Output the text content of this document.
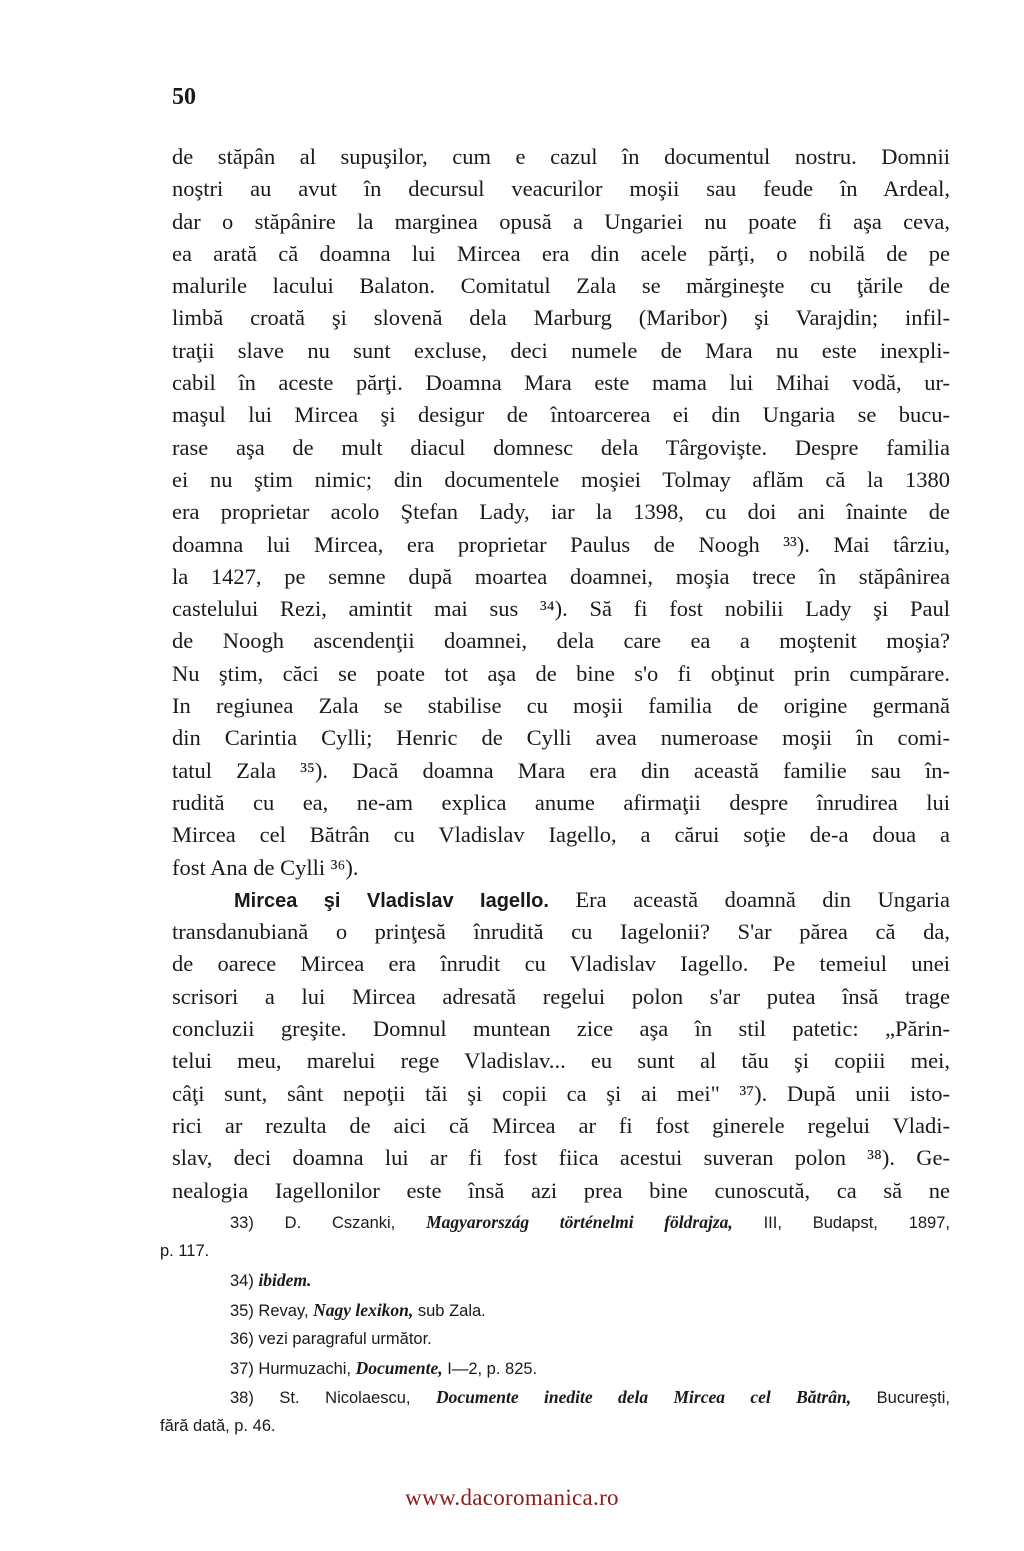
50
de stăpân al supuşilor, cum e cazul în documentul nostru. Domnii
noştri au avut în decursul veacurilor moşii sau feude în Ardeal,
dar o stăpânire la marginea opusă a Ungariei nu poate fi aşa ceva,
ea arată că doamna lui Mircea era din acele părţi, o nobilă de pe
malurile lacului Balaton. Comitatul Zala se mărgineşte cu ţările de
limbă croată şi slovenă dela Marburg (Maribor) şi Varajdin; infil-
traţii slave nu sunt excluse, deci numele de Mara nu este inexpli-
cabil în aceste părţi. Doamna Mara este mama lui Mihai vodă, ur-
maşul lui Mircea şi desigur de întoarcerea ei din Ungaria se bucu-
rase aşa de mult diacul domnesc dela Târgovişte. Despre familia
ei nu ştim nimic; din documentele moşiei Tolmay aflăm că la 1380
era proprietar acolo Ştefan Lady, iar la 1398, cu doi ani înainte de
doamna lui Mircea, era proprietar Paulus de Noogh ³³). Mai târziu,
la 1427, pe semne după moartea doamnei, moşia trece în stăpânirea
castelului Rezi, amintit mai sus ³⁴). Să fi fost nobilii Lady şi Paul
de Noogh ascendenţii doamnei, dela care ea a moştenit moşia?
Nu ştim, căci se poate tot aşa de bine s'o fi obţinut prin cumpărare.
In regiunea Zala se stabilise cu moşii familia de origine germană
din Carintia Cylli; Henric de Cylli avea numeroase moşii în comi-
tatul Zala ³⁵). Dacă doamna Mara era din această familie sau în-
rudită cu ea, ne-am explica anume afirmaţii despre înrudirea lui
Mircea cel Bătrân cu Vladislav Iagello, a cărui soţie de-a doua a
fost Ana de Cylli ³⁶).
Mircea şi Vladislav Iagello. Era această doamnă din Ungaria
transdanubiană o prinţesă înrudită cu Iagelonii? S'ar părea că da,
de oarece Mircea era înrudit cu Vladislav Iagello. Pe temeiul unei
scrisori a lui Mircea adresată regelui polon s'ar putea însă trage
concluzii greşite. Domnul muntean zice aşa în stil patetic: „Părin-
telui meu, marelui rege Vladislav... eu sunt al tău şi copiii mei,
câţi sunt, sânt nepoţii tăi şi copii ca şi ai mei" ³⁷). După unii isto-
rici ar rezulta de aici că Mircea ar fi fost ginerele regelui Vladi-
slav, deci doamna lui ar fi fost fiica acestui suveran polon ³⁸). Ge-
nealogia Iagellonilor este însă azi prea bine cunoscută, ca să ne
33) D. Cszanki, Magyarország történelmi földrajza, III, Budapst, 1897,
p. 117.
34) ibidem.
35) Revay, Nagy lexikon, sub Zala.
36) vezi paragraful următor.
37) Hurmuzachi, Documente, I—2, p. 825.
38) St. Nicolaescu, Documente inedite dela Mircea cel Bătrân, Bucureşti,
fără dată, p. 46.
www.dacoromanica.ro
